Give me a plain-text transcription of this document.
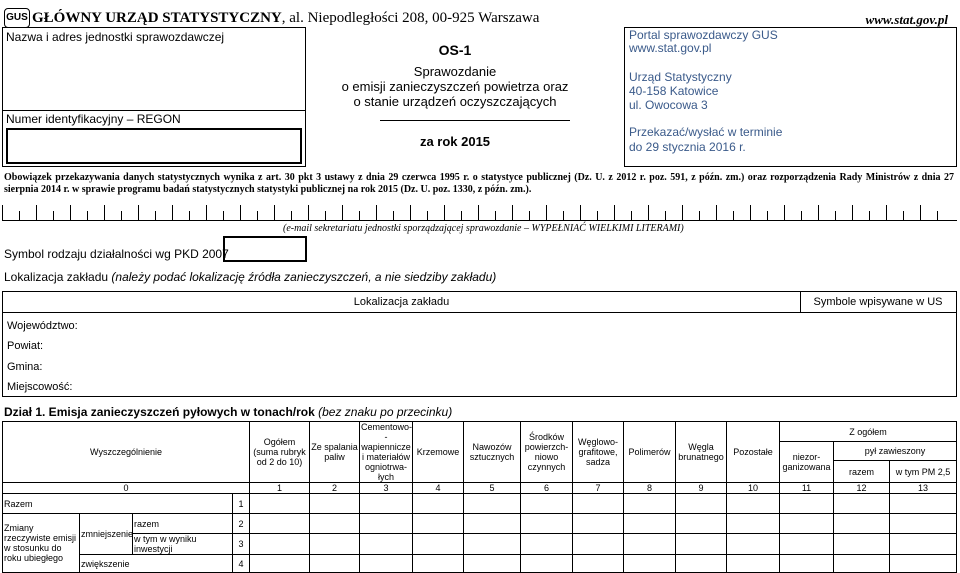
GUS GŁÓWNY URZĄD STATYSTYCZNY, al. Niepodległości 208, 00-925 Warszawa	www.stat.gov.pl
Nazwa i adres jednostki sprawozdawczej
Numer identyfikacyjny – REGON
OS-1
Sprawozdanie
o emisji zanieczyszczeń powietrza oraz
o stanie urządzeń oczyszczających
za rok 2015
Portal sprawozdawczy GUS
www.stat.gov.pl
Urząd Statystyczny
40-158 Katowice
ul. Owocowa 3
Przekazać/wysłać w terminie
do 29 stycznia 2016 r.
Obowiązek przekazywania danych statystycznych wynika z art. 30 pkt 3 ustawy z dnia 29 czerwca 1995 r. o statystyce publicznej (Dz. U. z 2012 r. poz. 591, z późn. zm.) oraz rozporządzenia Rady Ministrów z dnia 27 sierpnia 2014 r. w sprawie programu badań statystycznych statystyki publicznej na rok 2015 (Dz. U. poz. 1330, z późn. zm.).
(e-mail sekretariatu jednostki sporządzającej sprawozdanie – WYPEŁNIAĆ WIELKIMI LITERAMI)
Symbol rodzaju działalności wg PKD 2007
Lokalizacja zakładu (należy podać lokalizację źródła zanieczyszczeń, a nie siedziby zakładu)
Lokalizacja zakładu	Symbole wpisywane w US
Województwo:
Powiat:
Gmina:
Miejscowość:
Dział 1. Emisja zanieczyszczeń pyłowych w tonach/rok (bez znaku po przecinku)
Wyszczególnienie				Ogółem (suma rubryk od 2 do 10)	Ze spalania paliw	Cementowo--wapiennicze i materiałów ogniotrwa-łych	Krzemowe	Nawozów sztucznych	Środków powierzch-niowo czynnych	Węglowo-grafitowe, sadza	Polimerów	Węgla brunatnego	Pozostałe	Z ogółem		
														niezor-ganizowana	pył zawieszony	
															razem	w tym PM 2,5
0				1	2	3	4	5	6	7	8	9	10	11	12	13
Razem			1													
Zmiany rzeczywiste emisji w stosunku do roku ubiegłego	zmniejszenie	razem	2													
		w tym w wyniku inwestycji	3													
	zwiększenie		4													
